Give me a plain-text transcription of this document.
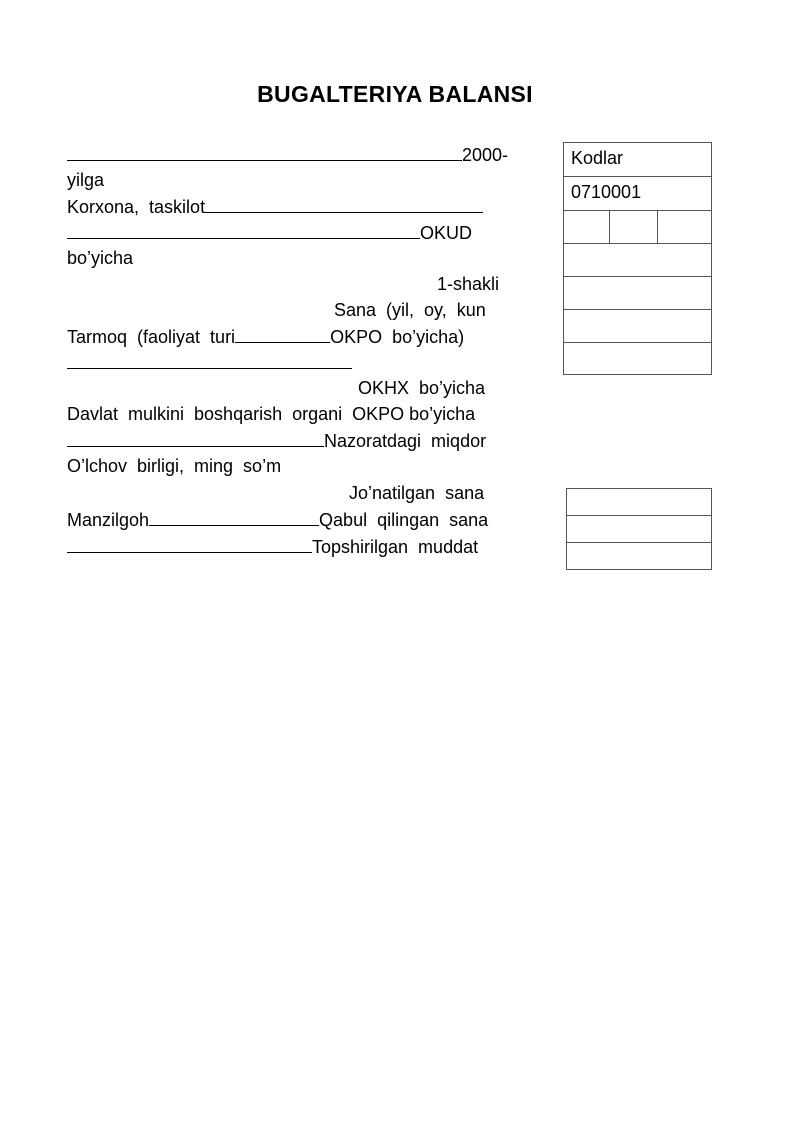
BUGALTERIYA BALANSI
2000-
yilga
Korxona,  taskilot
OKUD
bo’yicha
1-shakli
Sana  (yil,  oy,  kun
Tarmoq  (faoliyat  turi	OKPO  bo’yicha)
OKHX  bo’yicha
Davlat  mulkini  boshqarish  organi  OKPO bo’yicha
Nazoratdagi  miqdor
O’lchov  birligi,  ming  so’m
Jo’natilgan  sana
Manzilgoh	Qabul  qilingan  sana
Topshirilgan  muddat
Kodlar
0710001
